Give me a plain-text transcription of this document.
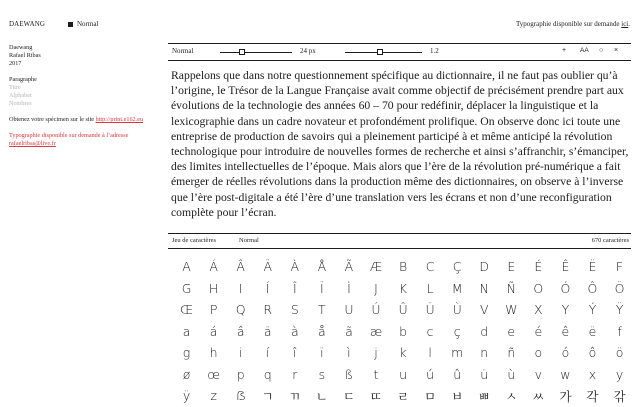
DAEWANG	Normal	Typographie disponible sur demande ici.
Daewang
Rafael Ribas
2017
Paragraphe
Titre
Alphabet
Nombres
Obtenez votre spécimen sur le site http://print.e162.eu
Typographie disponible sur demande à l’adresse
rafaelribas@live.fr
Normal	24 px	1.2	+ AA ○ ×
Rappelons que dans notre questionnement spécifique au dictionnaire, il ne faut pas oublier qu’à l’origine, le Trésor de la Langue Française avait comme objectif de précisément prendre part aux évolutions de la technologie des années 60 – 70 pour redéfinir, déplacer la linguistique et la lexicographie dans un cadre novateur et profondément prolifique. On observe donc ici toute une entreprise de production de savoirs qui a pleinement participé à et même anticipé la révolution technologique pour introduire de nouvelles formes de recherche et ainsi s’affranchir, s’émanciper, des limites intellectuelles de l’époque. Mais alors que l’ère de la révolution pré-numérique a fait émerger de réelles révolutions dans la production même des dictionnaires, on observe à l’inverse que l’ère post-digitale a été l’ère d’une translation vers les écrans et non d’une reconfiguration complète pour l’écran.
Jeu de caractères	Normal	670 caractères
A	Á	Â	Ä	À	Å	Ã	Æ	B	C	Ç	D	E	É	Ê	Ë	F
G	H	I	Í	Î	Ï	Ì	J	K	L	M	N	Ñ	O	Ó	Ô	Ö
Œ	P	Q	R	S	T	U	Ú	Û	Ü	Ù	V	W	X	Y	Ý	Ÿ
a	á	â	ä	à	å	ã	æ	b	c	ç	d	e	é	ê	ë	f
g	h	i	í	î	ï	ì	j	k	l	m	n	ñ	o	ó	ô	ö
ø	œ	p	q	r	s	ß	t	u	ú	û	ü	ù	v	w	x	y
ÿ	z	ẞ	ㄱ	ㄲ	ㄴ	ㄷ	ㄸ	ㄹ	ㅁ	ㅂ	ㅃ	ㅅ	ㅆ	가	각	갂
